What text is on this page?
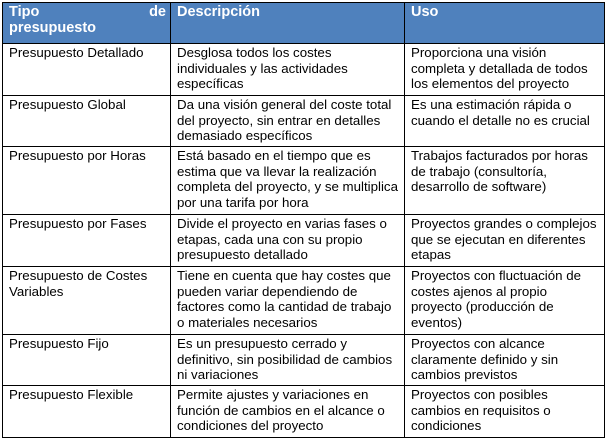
Tipo de
presupuesto	Descripción	Uso
Presupuesto Detallado	Desglosa todos los costes individuales y las actividades específicas	Proporciona una visión completa y detallada de todos los elementos del proyecto
Presupuesto Global	Da una visión general del coste total del proyecto, sin entrar en detalles demasiado específicos	Es una estimación rápida o cuando el detalle no es crucial
Presupuesto por Horas	Está basado en el tiempo que es estima que va llevar la realización completa del proyecto, y se multiplica por una tarifa por hora	Trabajos facturados por horas de trabajo (consultoría, desarrollo de software)
Presupuesto por Fases	Divide el proyecto en varias fases o etapas, cada una con su propio presupuesto detallado	Proyectos grandes o complejos que se ejecutan en diferentes etapas
Presupuesto de Costes Variables	Tiene en cuenta que hay costes que pueden variar dependiendo de factores como la cantidad de trabajo o materiales necesarios	Proyectos con fluctuación de costes ajenos al propio proyecto (producción de eventos)
Presupuesto Fijo	Es un presupuesto cerrado y definitivo, sin posibilidad de cambios ni variaciones	Proyectos con alcance claramente definido y sin cambios previstos
Presupuesto Flexible	Permite ajustes y variaciones en función de cambios en el alcance o condiciones del proyecto	Proyectos con posibles cambios en requisitos o condiciones
